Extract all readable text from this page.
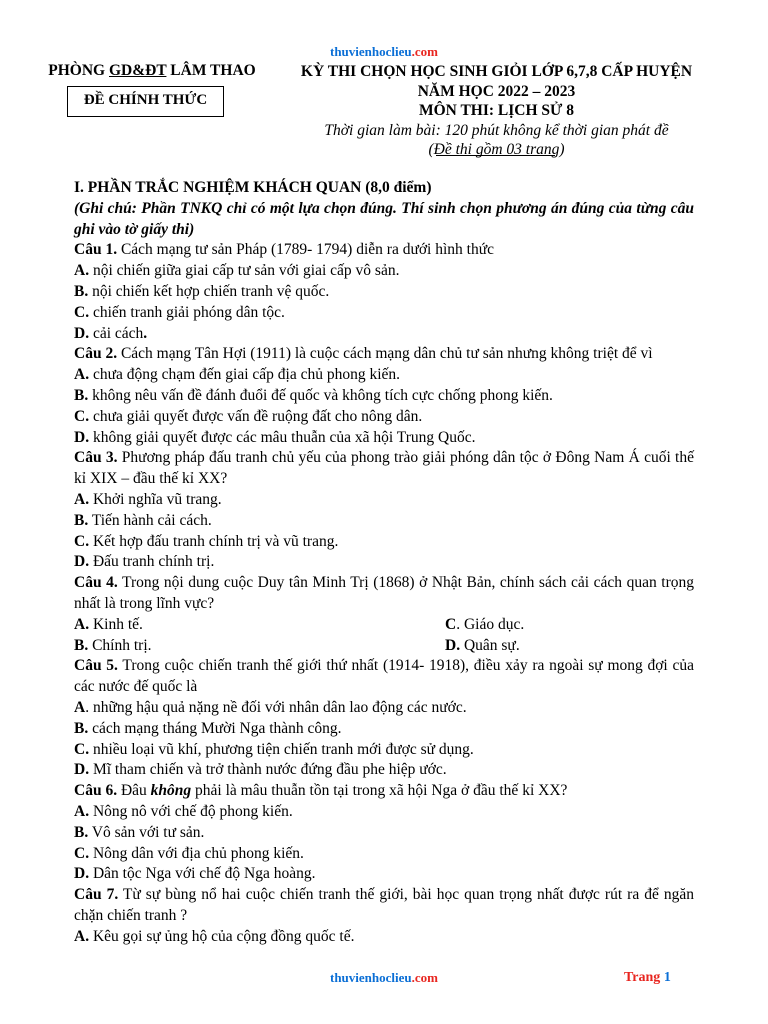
thuvienhoclieu.com
PHÒNG GD&ĐT LÂM THAO
ĐỀ CHÍNH THỨC
KỲ THI CHỌN HỌC SINH GIỎI LỚP 6,7,8 CẤP HUYỆN
NĂM HỌC 2022 – 2023
MÔN THI: LỊCH SỬ 8
Thời gian làm bài: 120 phút không kể thời gian phát đề
(Đề thi gồm 03 trang)
I. PHẦN TRẮC NGHIỆM KHÁCH QUAN (8,0 điểm)
(Ghi chú: Phần TNKQ chỉ có một lựa chọn đúng. Thí sinh chọn phương án đúng của từng câu ghi vào tờ giấy thi)
Câu 1. Cách mạng tư sản Pháp (1789- 1794) diễn ra dưới hình thức
A. nội chiến giữa giai cấp tư sản với giai cấp vô sản.
B. nội chiến kết hợp chiến tranh vệ quốc.
C. chiến tranh giải phóng dân tộc.
D. cải cách.
Câu 2. Cách mạng Tân Hợi (1911) là cuộc cách mạng dân chủ tư sản nhưng không triệt để vì
A. chưa động chạm đến giai cấp địa chủ phong kiến.
B. không nêu vấn đề đánh đuổi đế quốc và không tích cực chống phong kiến.
C. chưa giải quyết được vấn đề ruộng đất cho nông dân.
D. không giải quyết được các mâu thuẫn của xã hội Trung Quốc.
Câu 3. Phương pháp đấu tranh chủ yếu của phong trào giải phóng dân tộc ở Đông Nam Á cuối thế kỉ XIX – đầu thế kỉ XX?
A. Khởi nghĩa vũ trang.
B. Tiến hành cải cách.
C. Kết hợp đấu tranh chính trị và vũ trang.
D. Đấu tranh chính trị.
Câu 4. Trong nội dung cuộc Duy tân Minh Trị (1868) ở Nhật Bản, chính sách cải cách quan trọng nhất là trong lĩnh vực?
A. Kinh tế.	C. Giáo dục.
B. Chính trị.	D. Quân sự.
Câu 5. Trong cuộc chiến tranh thế giới thứ nhất (1914- 1918), điều xảy ra ngoài sự mong đợi của các nước đế quốc là
A. những hậu quả nặng nề đối với nhân dân lao động các nước.
B. cách mạng tháng Mười Nga thành công.
C. nhiều loại vũ khí, phương tiện chiến tranh mới được sử dụng.
D. Mĩ tham chiến và trở thành nước đứng đầu phe hiệp ước.
Câu 6. Đâu không phải là mâu thuẫn tồn tại trong xã hội Nga ở đầu thế kỉ XX?
A. Nông nô với chế độ phong kiến.
B. Vô sản với tư sản.
C. Nông dân với địa chủ phong kiến.
D. Dân tộc Nga với chế độ Nga hoàng.
Câu 7. Từ sự bùng nổ hai cuộc chiến tranh thế giới, bài học quan trọng nhất được rút ra để ngăn chặn chiến tranh ?
A. Kêu gọi sự ủng hộ của cộng đồng quốc tế.
thuvienhoclieu.com	Trang 1
